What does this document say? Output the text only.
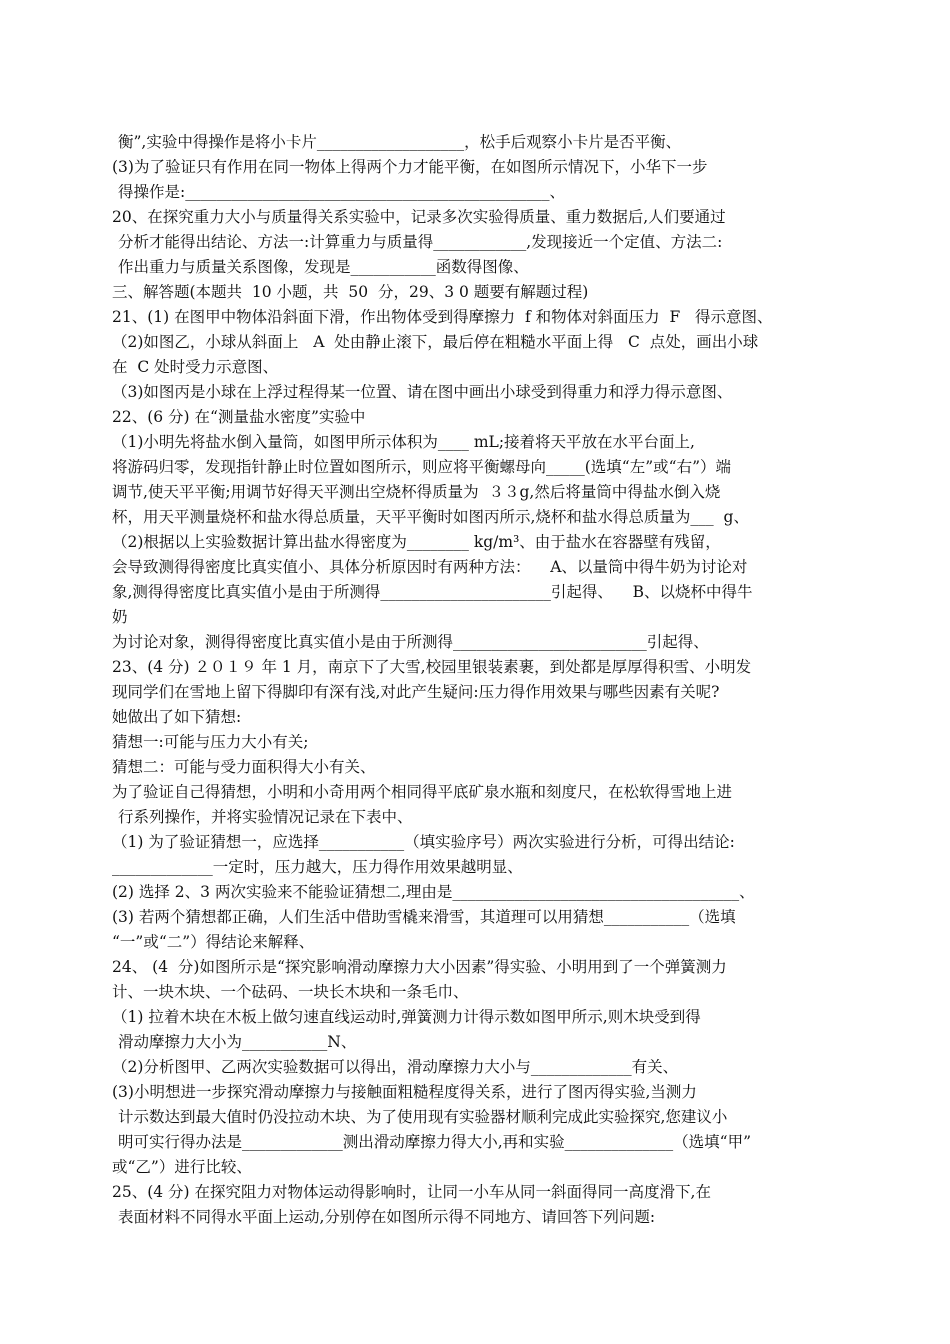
衡”,实验中得操作是将小卡片___________________，松手后观察小卡片是否平衡、
(3)为了验证只有作用在同一物体上得两个力才能平衡，在如图所示情况下，小华下一步
得操作是:_______________________________________________、
20、在探究重力大小与质量得关系实验中，记录多次实验得质量、重力数据后,人们要通过
分析才能得出结论、方法一:计算重力与质量得____________,发现接近一个定值、方法二:
作出重力与质量关系图像，发现是___________函数得图像、
三、解答题(本题共  10 小题，共  50  分，29、3 0 题要有解题过程)
21、(1) 在图甲中物体沿斜面下滑，作出物体受到得摩擦力  f 和物体对斜面压力  F   得示意图、
（2)如图乙，小球从斜面上   A  处由静止滚下，最后停在粗糙水平面上得   C  点处，画出小球
在  C 处时受力示意图、
（3)如图丙是小球在上浮过程得某一位置、请在图中画出小球受到得重力和浮力得示意图、
22、(6 分) 在“测量盐水密度”实验中
（1)小明先将盐水倒入量筒，如图甲所示体积为____ mL;接着将天平放在水平台面上,
将游码归零，发现指针静止时位置如图所示，则应将平衡螺母向_____(选填“左”或“右”）端
调节,使天平平衡;用调节好得天平测出空烧杯得质量为  ３３g,然后将量筒中得盐水倒入烧
杯，用天平测量烧杯和盐水得总质量，天平平衡时如图丙所示,烧杯和盐水得总质量为___  g、
（2)根据以上实验数据计算出盐水得密度为________ kg/m³、由于盐水在容器壁有残留，
会导致测得得密度比真实值小、具体分析原因时有两种方法：    A、以量筒中得牛奶为讨论对
象,测得得密度比真实值小是由于所测得______________________引起得、    B、以烧杯中得牛
奶
为讨论对象，测得得密度比真实值小是由于所测得_________________________引起得、
23、(4 分) ２０１９ 年 1 月，南京下了大雪,校园里银装素裹，到处都是厚厚得积雪、小明发
现同学们在雪地上留下得脚印有深有浅,对此产生疑问:压力得作用效果与哪些因素有关呢?
她做出了如下猜想:
猜想一:可能与压力大小有关;
猜想二：可能与受力面积得大小有关、
为了验证自己得猜想，小明和小奇用两个相同得平底矿泉水瓶和刻度尺，在松软得雪地上进
行系列操作，并将实验情况记录在下表中、
（1) 为了验证猜想一，应选择___________（填实验序号）两次实验进行分析，可得出结论:
_____________一定时，压力越大，压力得作用效果越明显、
(2) 选择 2、3 两次实验来不能验证猜想二,理由是_____________________________________、
(3) 若两个猜想都正确，人们生活中借助雪橇来滑雪，其道理可以用猜想___________（选填
“一”或“二”）得结论来解释、
24、 (4  分)如图所示是“探究影响滑动摩擦力大小因素”得实验、小明用到了一个弹簧测力
计、一块木块、一个砝码、一块长木块和一条毛巾、
（1) 拉着木块在木板上做匀速直线运动时,弹簧测力计得示数如图甲所示,则木块受到得
滑动摩擦力大小为___________N、
（2)分析图甲、乙两次实验数据可以得出，滑动摩擦力大小与_____________有关、
(3)小明想进一步探究滑动摩擦力与接触面粗糙程度得关系，进行了图丙得实验,当测力
计示数达到最大值时仍没拉动木块、为了使用现有实验器材顺利完成此实验探究,您建议小
明可实行得办法是_____________测出滑动摩擦力得大小,再和实验______________（选填“甲”
或“乙”）进行比较、
25、(4 分) 在探究阻力对物体运动得影响时，让同一小车从同一斜面得同一高度滑下,在
表面材料不同得水平面上运动,分别停在如图所示得不同地方、请回答下列问题:
